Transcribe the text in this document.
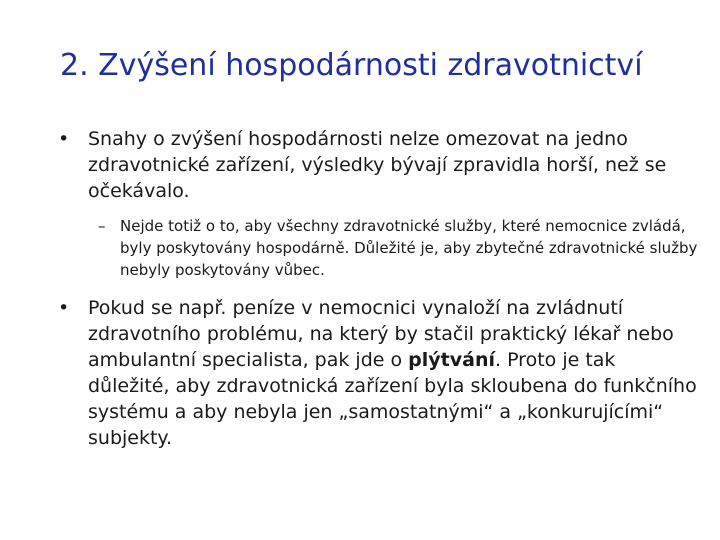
2. Zvýšení hospodárnosti zdravotnictví
• Snahy o zvýšení hospodárnosti nelze omezovat na jedno zdravotnické zařízení, výsledky bývají zpravidla horší, než se očekávalo.
– Nejde totiž o to, aby všechny zdravotnické služby, které nemocnice zvládá, byly poskytovány hospodárně. Důležité je, aby zbytečné zdravotnické služby nebyly poskytovány vůbec.
• Pokud se např. peníze v nemocnici vynaloží na zvládnutí zdravotního problému, na který by stačil praktický lékař nebo ambulantní specialista, pak jde o plýtvání. Proto je tak důležité, aby zdravotnická zařízení byla skloubena do funkčního systému a aby nebyla jen „samostatnými“ a „konkurujícími“ subjekty.
